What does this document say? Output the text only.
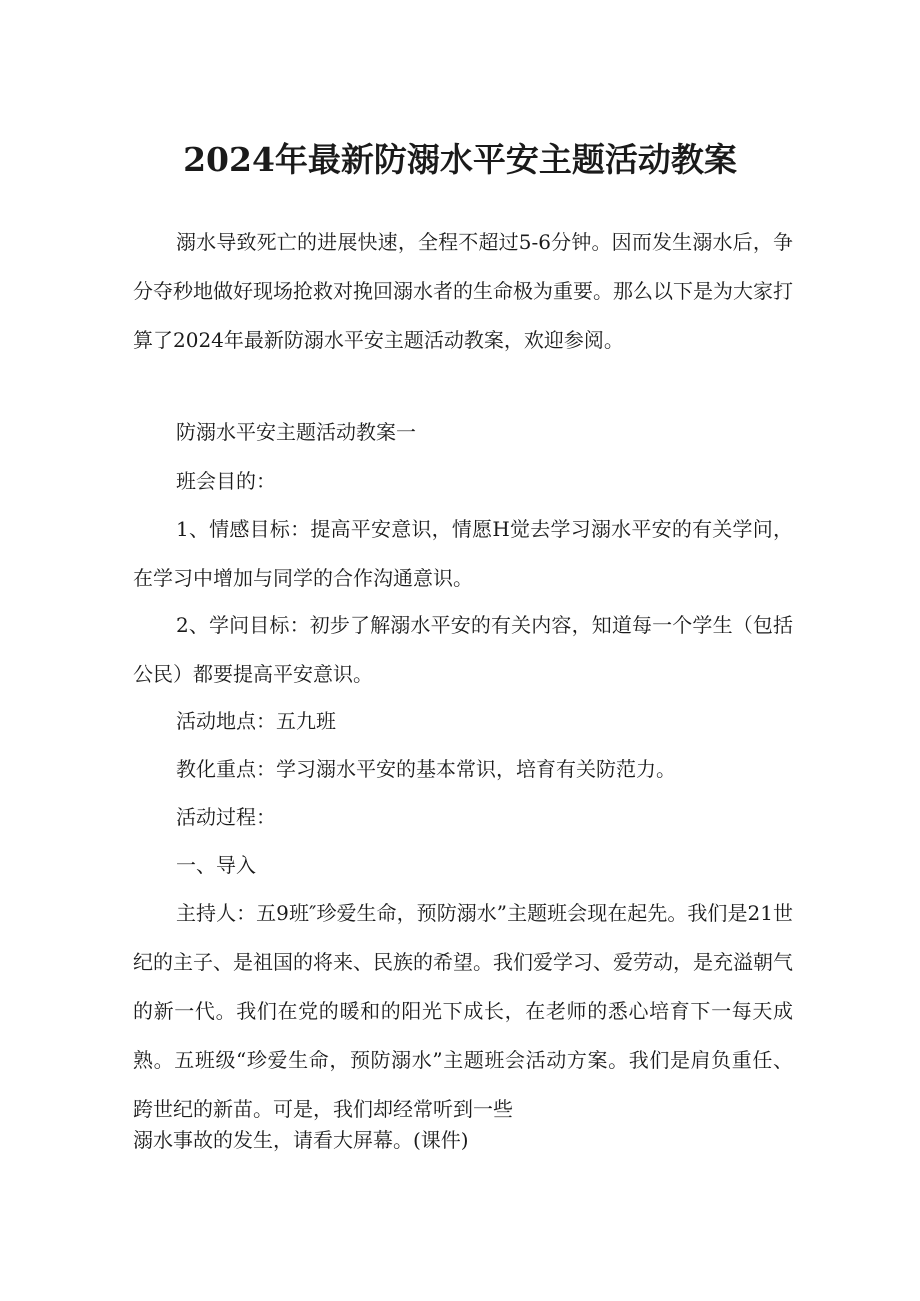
2024年最新防溺水平安主题活动教案

溺水导致死亡的进展快速，全程不超过5-6分钟。因而发生溺水后，争分夺秒地做好现场抢救对挽回溺水者的生命极为重要。那么以下是为大家打算了2024年最新防溺水平安主题活动教案，欢迎参阅。

防溺水平安主题活动教案一

班会目的：

1、情感目标：提高平安意识，情愿H觉去学习溺水平安的有关学问，在学习中增加与同学的合作沟通意识。

2、学问目标：初步了解溺水平安的有关内容，知道每一个学生（包括公民）都要提高平安意识。

活动地点：五九班

教化重点：学习溺水平安的基本常识，培育有关防范力。

活动过程：

一、导入

主持人：五9班″珍爱生命，预防溺水”主题班会现在起先。我们是21世纪的主子、是祖国的将来、民族的希望。我们爱学习、爱劳动，是充溢朝气的新一代。我们在党的暖和的阳光下成长，在老师的悉心培育下一每天成熟。五班级“珍爱生命，预防溺水”主题班会活动方案。我们是肩负重任、跨世纪的新苗。可是，我们却经常听到一些

溺水事故的发生，请看大屏幕。(课件)
